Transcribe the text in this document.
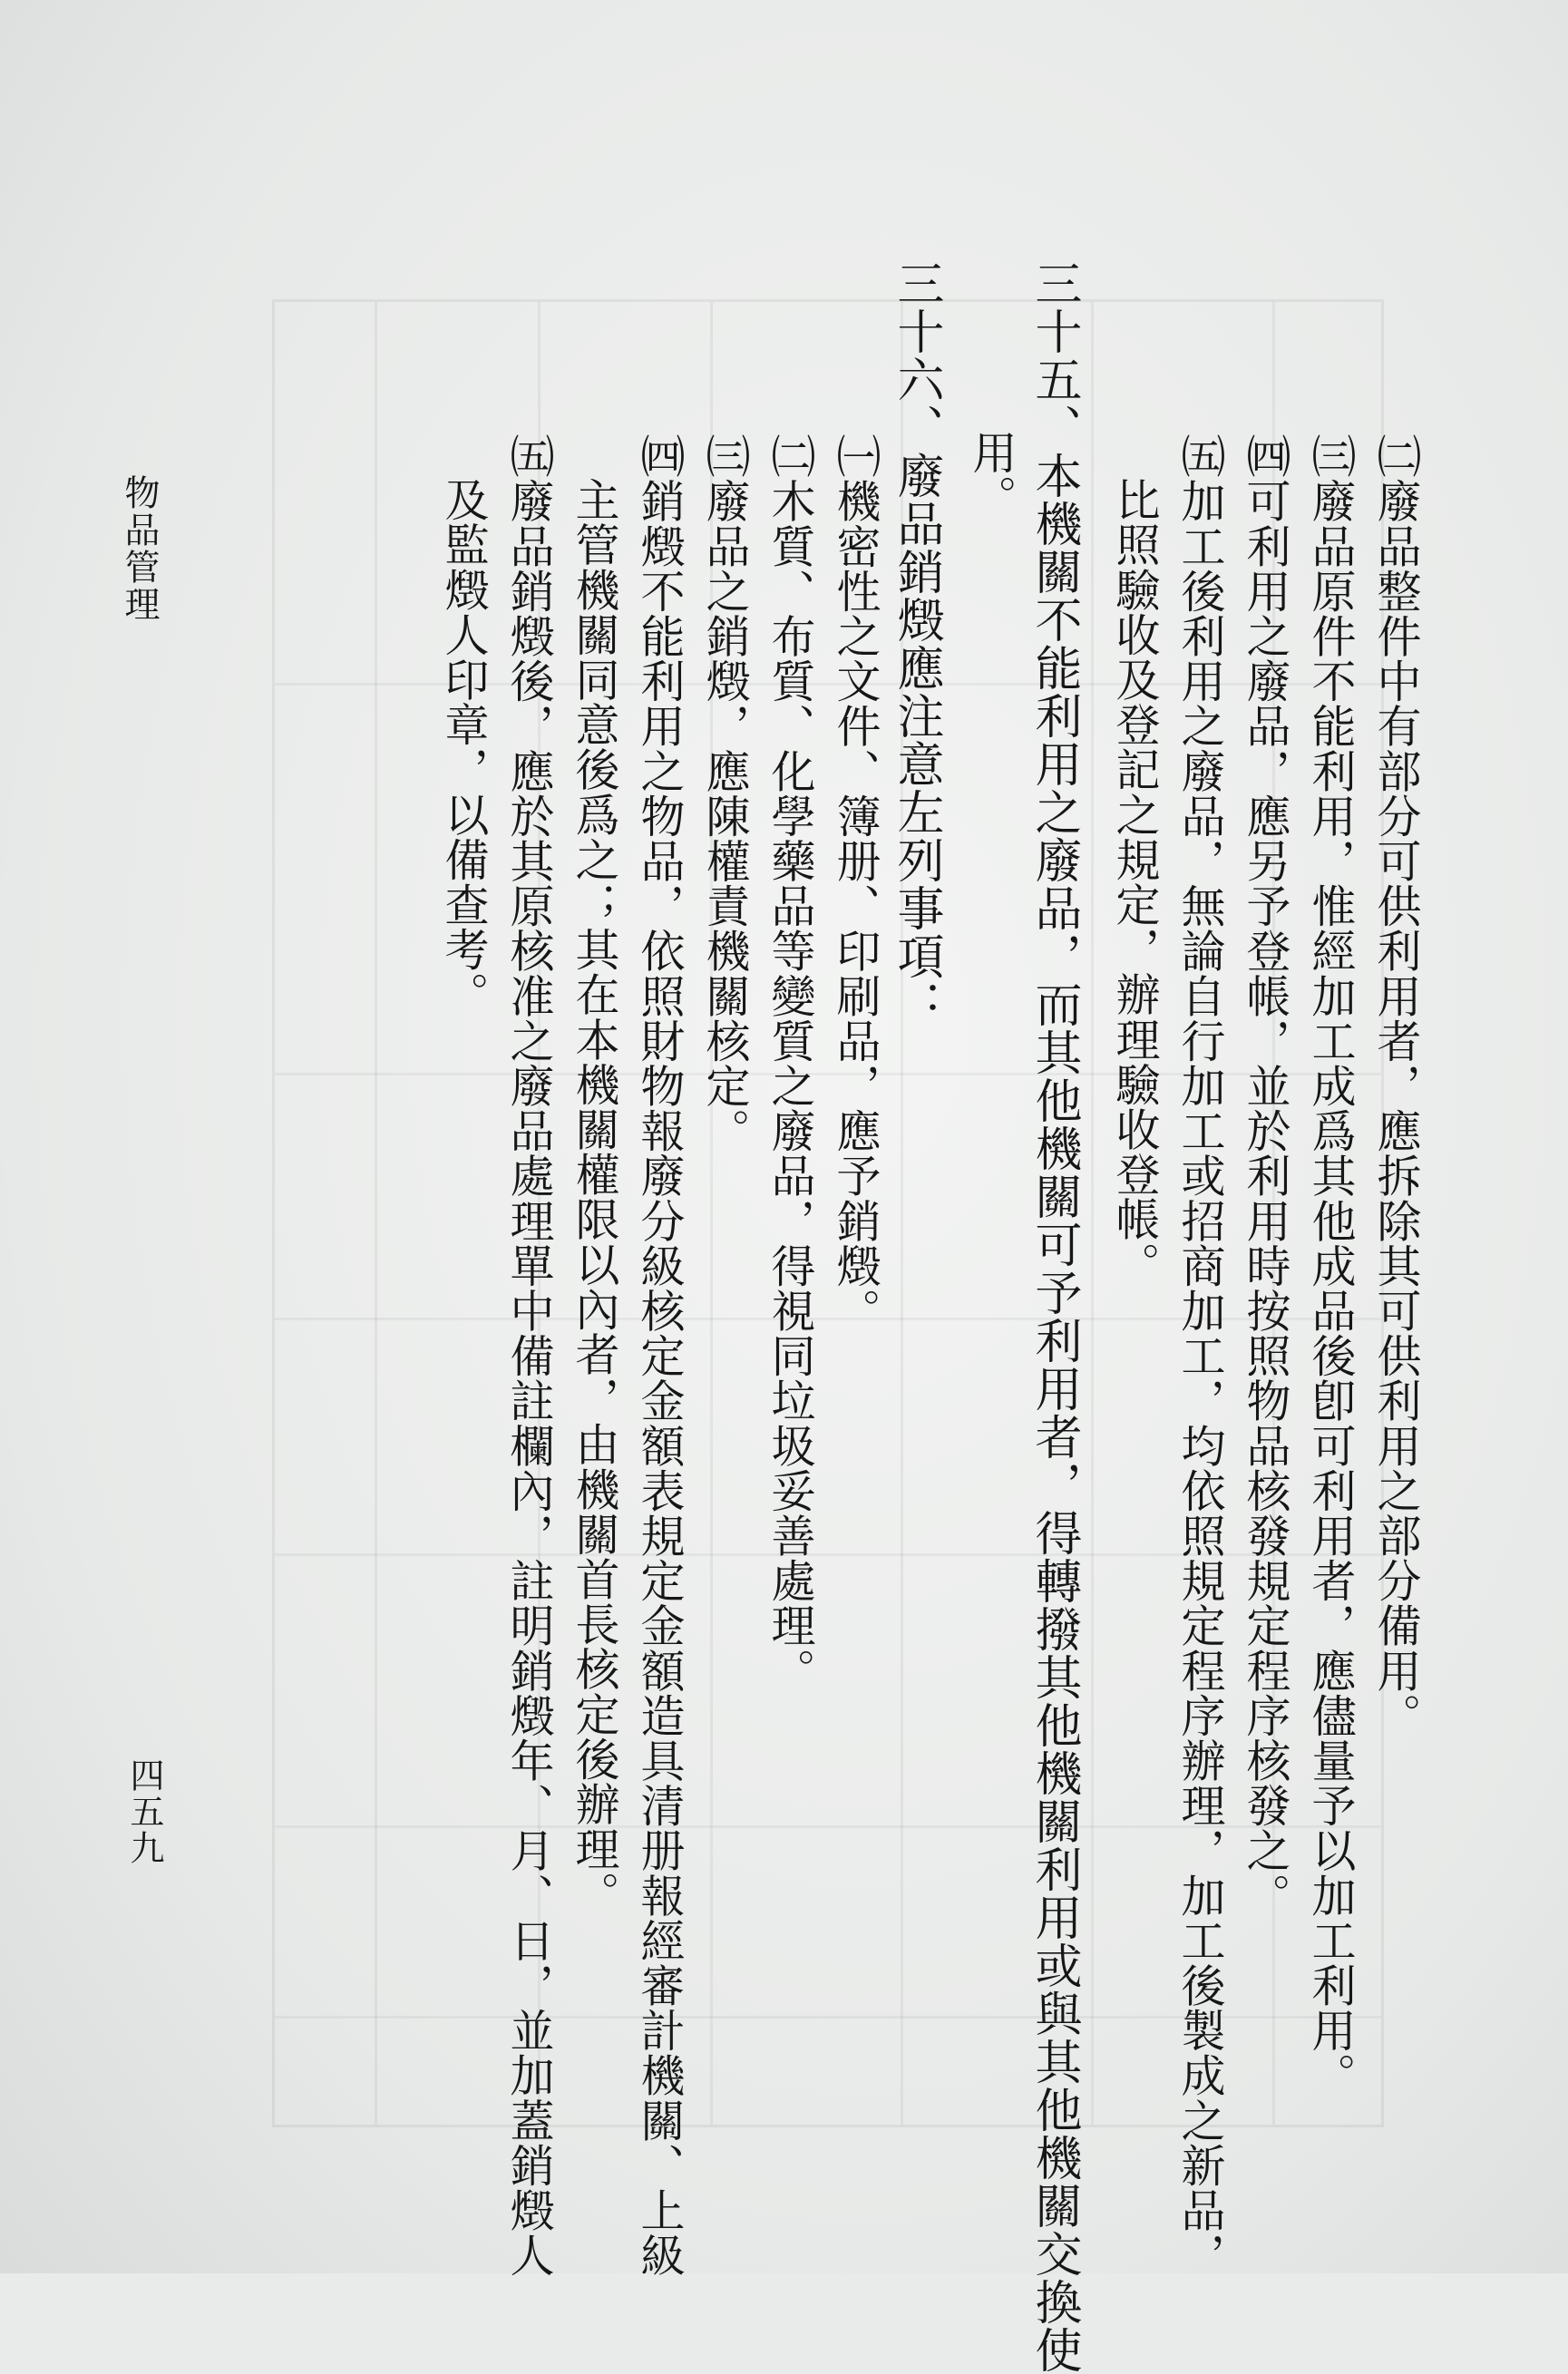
㈡廢品整件中有部分可供利用者，應拆除其可供利用之部分備用。
㈢廢品原件不能利用，惟經加工成爲其他成品後卽可利用者，應儘量予以加工利用。
㈣可利用之廢品，應另予登帳，並於利用時按照物品核發規定程序核發之。
㈤加工後利用之廢品，無論自行加工或招商加工，均依照規定程序辦理，加工後製成之新品，
比照驗收及登記之規定，辦理驗收登帳。
三十五、本機關不能利用之廢品，而其他機關可予利用者，得轉撥其他機關利用或與其他機關交換使
用。
三十六、廢品銷燬應注意左列事項：
㈠機密性之文件、簿册、印刷品，應予銷燬。
㈡木質、布質、化學藥品等變質之廢品，得視同垃圾妥善處理。
㈢廢品之銷燬，應陳權責機關核定。
㈣銷燬不能利用之物品，依照財物報廢分級核定金額表規定金額造具清册報經審計機關、上級
主管機關同意後爲之；其在本機關權限以內者，由機關首長核定後辦理。
㈤廢品銷燬後，應於其原核准之廢品處理單中備註欄內，註明銷燬年、月、日，並加蓋銷燬人
及監燬人印章，以備查考。
物品管理
四五九
